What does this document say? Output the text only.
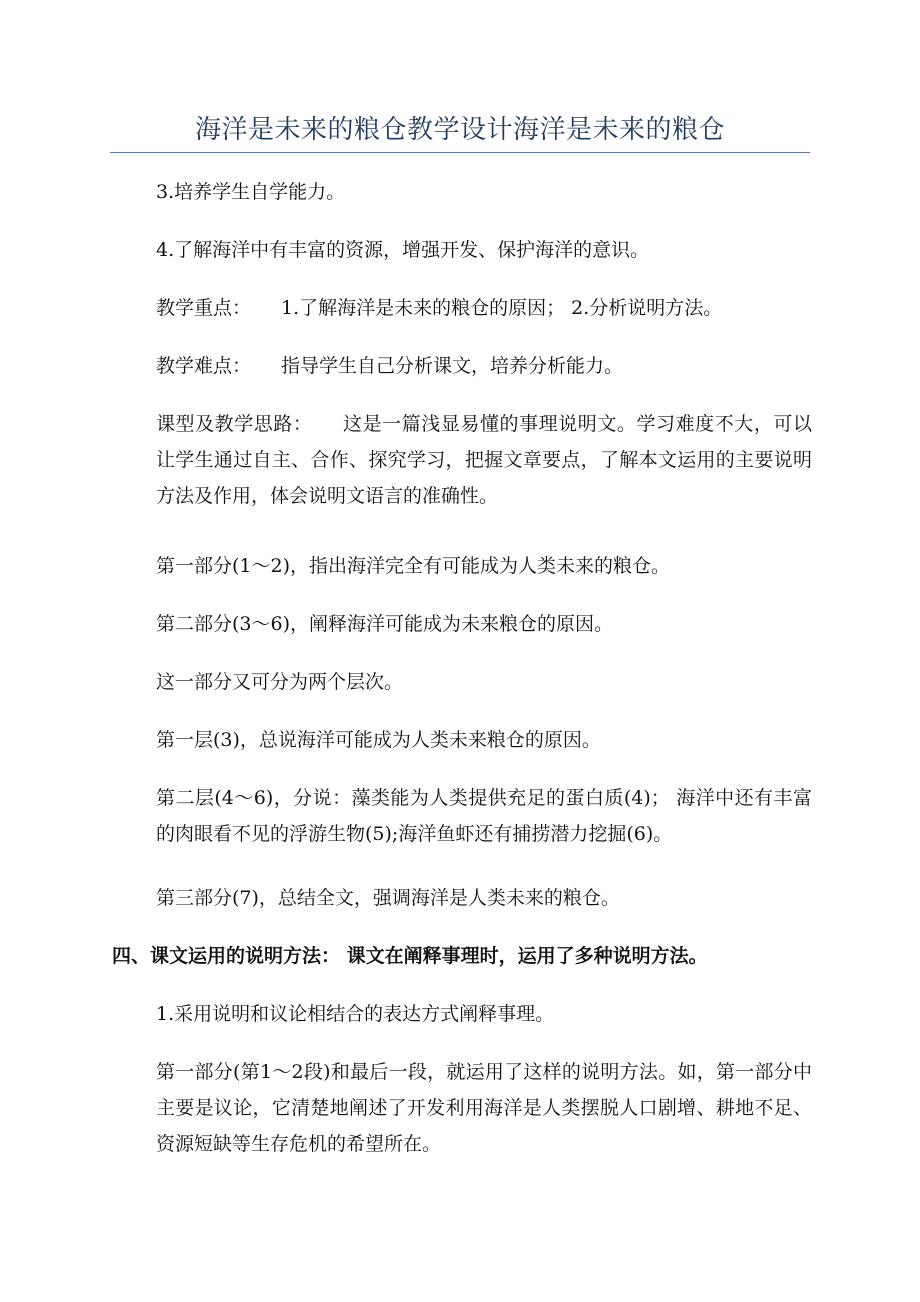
海洋是未来的粮仓教学设计海洋是未来的粮仓

3.培养学生自学能力。

4.了解海洋中有丰富的资源，增强开发、保护海洋的意识。

教学重点： 1.了解海洋是未来的粮仓的原因； 2.分析说明方法。

教学难点： 指导学生自己分析课文，培养分析能力。

课型及教学思路： 这是一篇浅显易懂的事理说明文。学习难度不大，可以让学生通过自主、合作、探究学习，把握文章要点，了解本文运用的主要说明方法及作用，体会说明文语言的准确性。

第一部分(1～2)，指出海洋完全有可能成为人类未来的粮仓。

第二部分(3～6)，阐释海洋可能成为未来粮仓的原因。

这一部分又可分为两个层次。

第一层(3)，总说海洋可能成为人类未来粮仓的原因。

第二层(4～6)，分说：藻类能为人类提供充足的蛋白质(4)； 海洋中还有丰富的肉眼看不见的浮游生物(5);海洋鱼虾还有捕捞潜力挖掘(6)。

第三部分(7)，总结全文，强调海洋是人类未来的粮仓。

四、课文运用的说明方法： 课文在阐释事理时，运用了多种说明方法。

1.采用说明和议论相结合的表达方式阐释事理。

第一部分(第1～2段)和最后一段，就运用了这样的说明方法。如，第一部分中主要是议论，它清楚地阐述了开发利用海洋是人类摆脱人口剧增、耕地不足、资源短缺等生存危机的希望所在。
